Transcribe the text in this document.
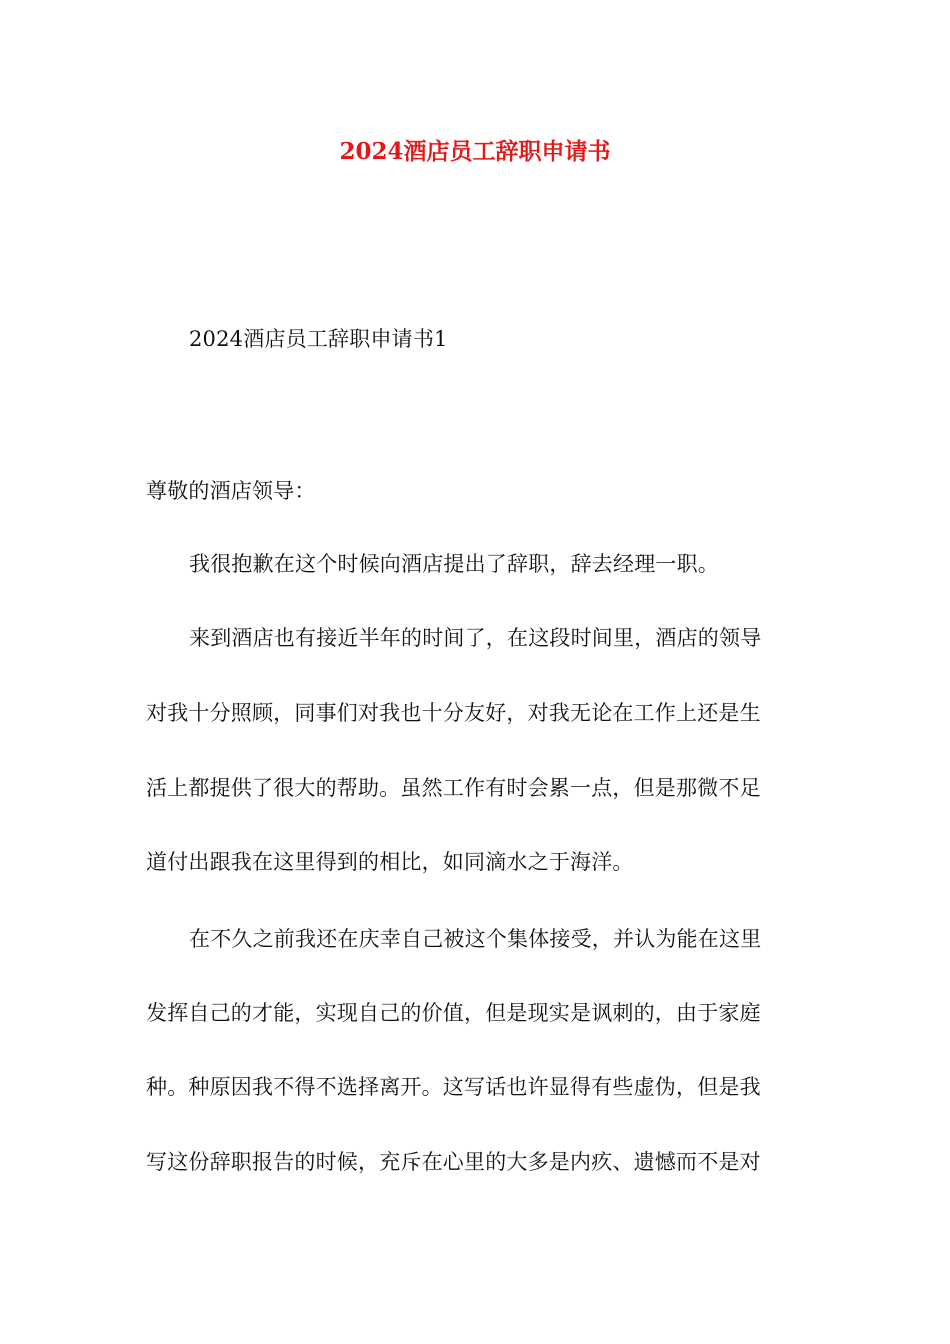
2024酒店员工辞职申请书
2024酒店员工辞职申请书1
尊敬的酒店领导：
我很抱歉在这个时候向酒店提出了辞职，辞去经理一职。
来到酒店也有接近半年的时间了，在这段时间里，酒店的领导
对我十分照顾，同事们对我也十分友好，对我无论在工作上还是生
活上都提供了很大的帮助。虽然工作有时会累一点，但是那微不足
道付出跟我在这里得到的相比，如同滴水之于海洋。
在不久之前我还在庆幸自己被这个集体接受，并认为能在这里
发挥自己的才能，实现自己的价值，但是现实是讽刺的，由于家庭
种。种原因我不得不选择离开。这写话也许显得有些虚伪，但是我
写这份辞职报告的时候，充斥在心里的大多是内疚、遗憾而不是对
